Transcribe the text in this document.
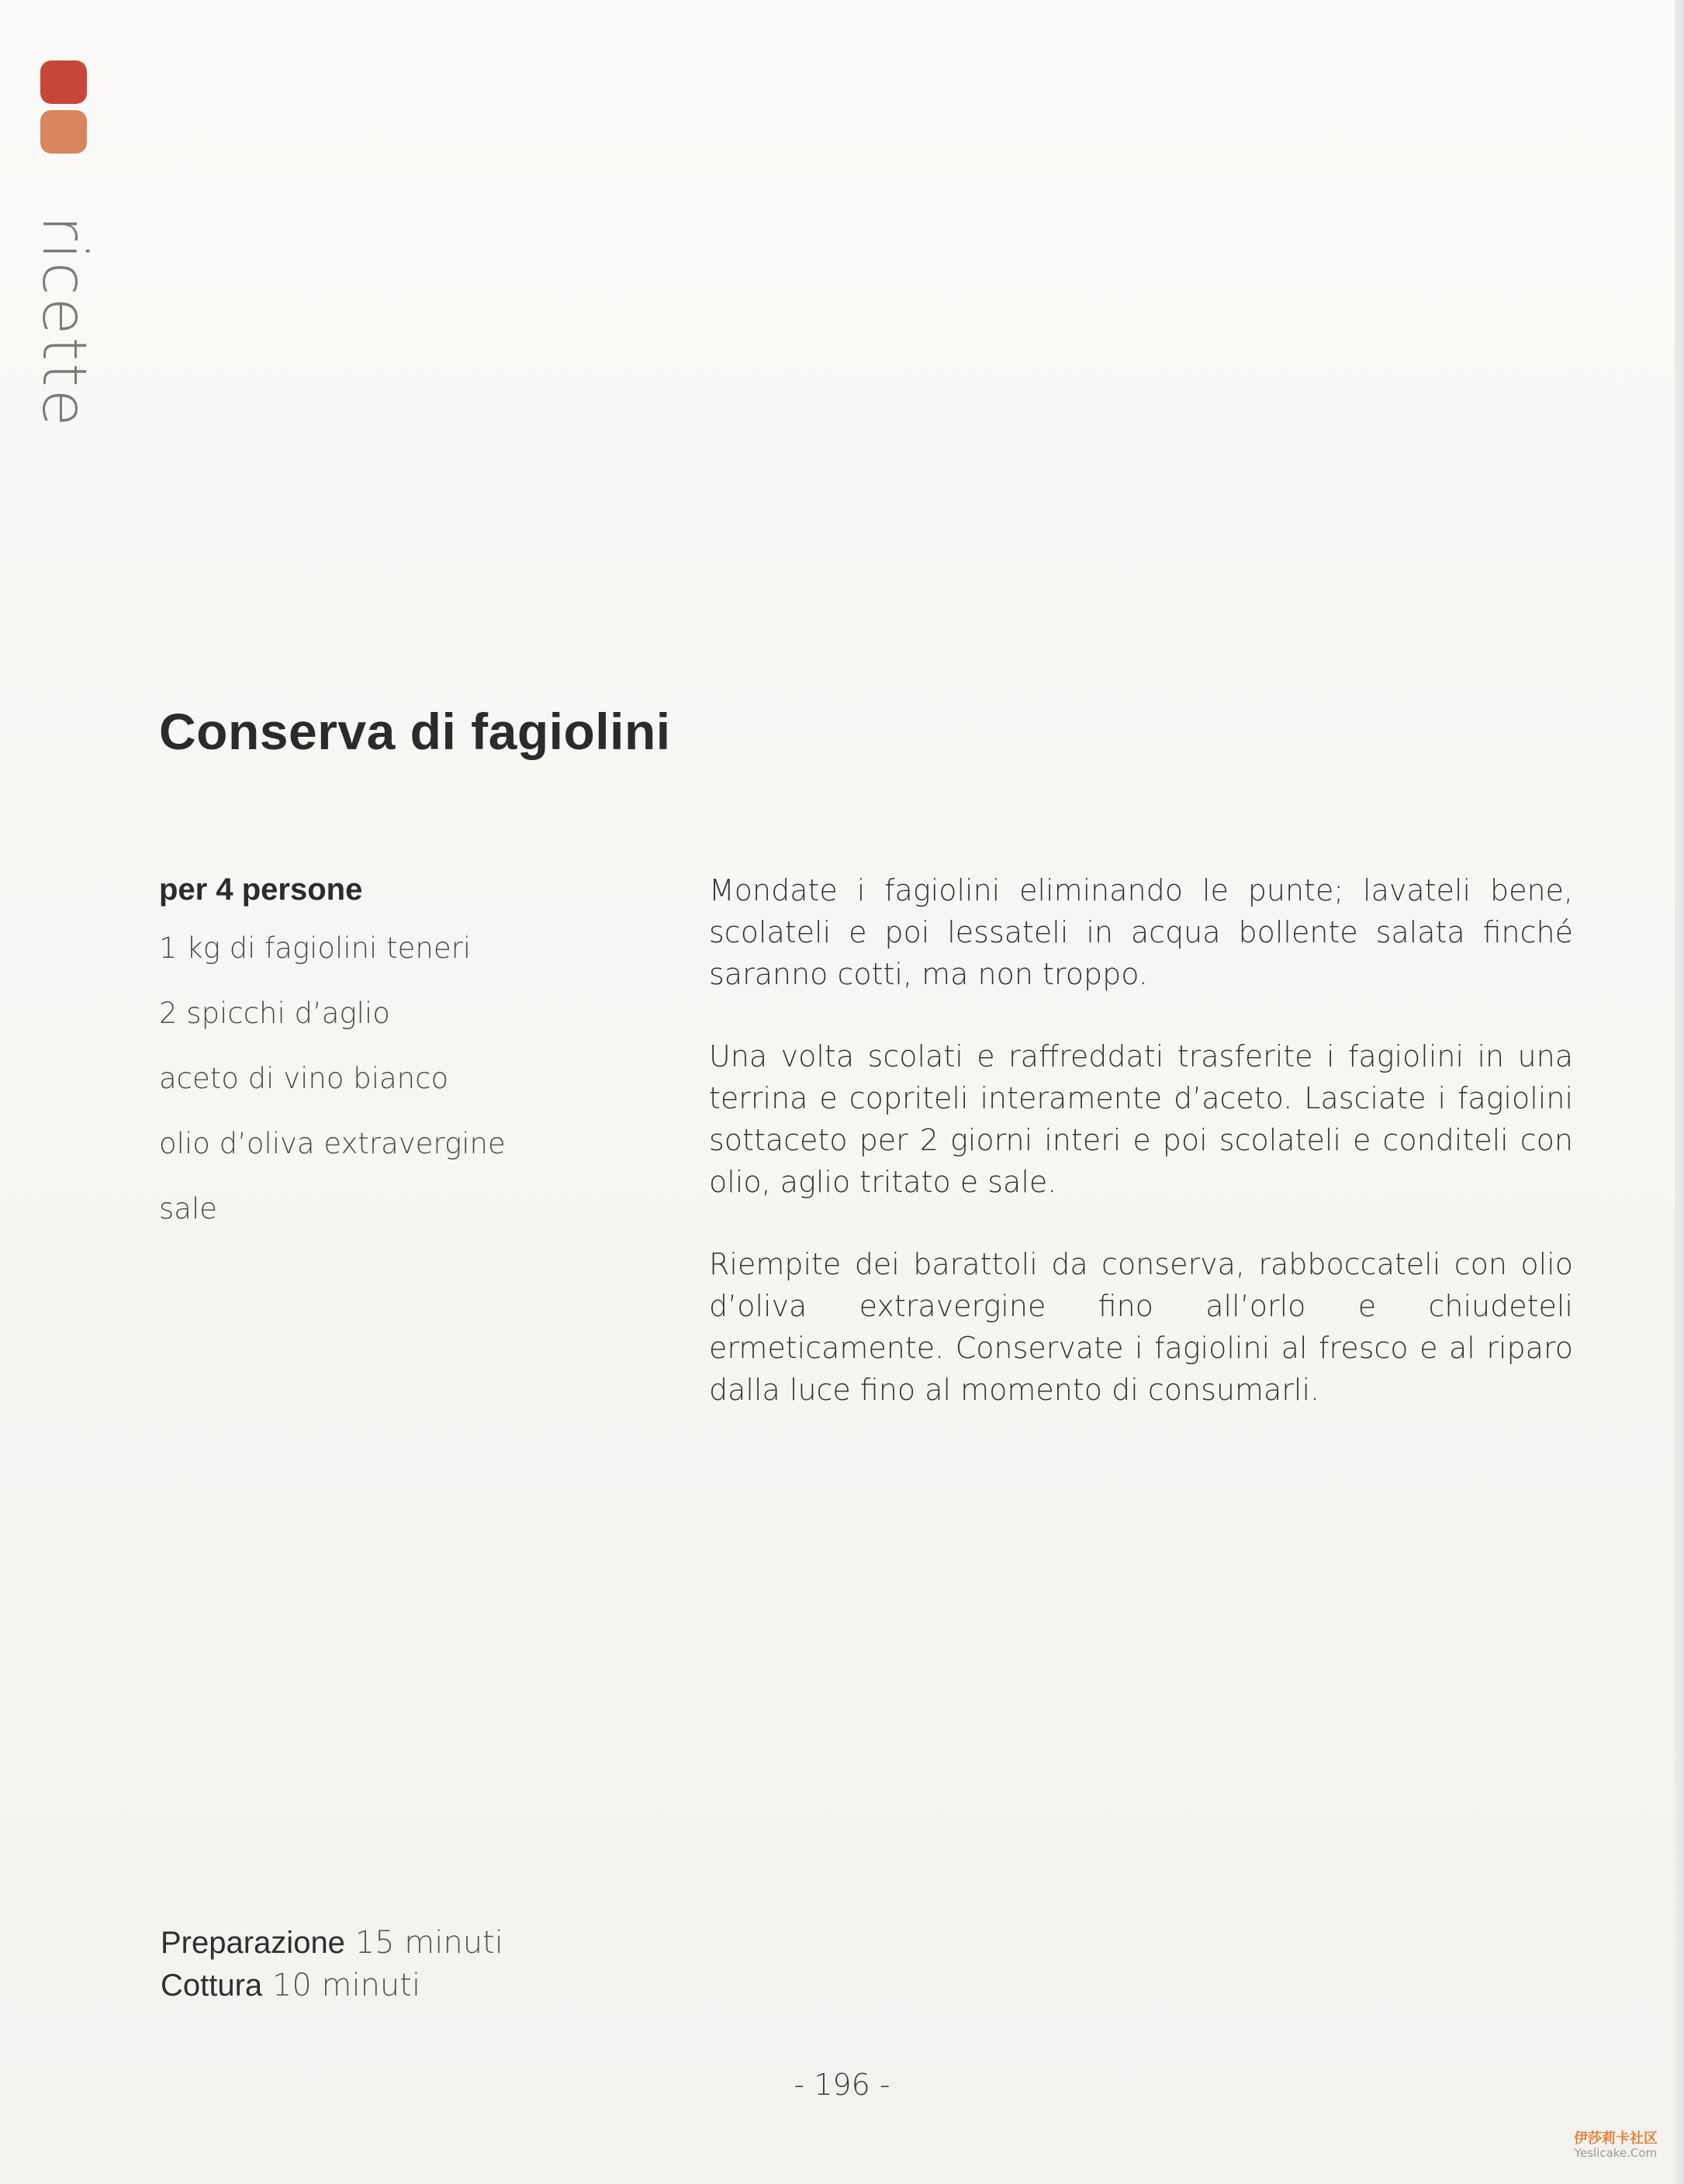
ricette
Conserva di fagiolini
per 4 persone
1 kg di fagiolini teneri
2 spicchi d’aglio
aceto di vino bianco
olio d’oliva extravergine
sale

Mondate i fagiolini eliminando le punte; lavateli bene, scolateli e poi lessateli in acqua bollente salata finché saranno cotti, ma non troppo.

Una volta scolati e raffreddati trasferite i fagiolini in una terrina e copriteli interamente d’aceto. Lasciate i fagiolini sottaceto per 2 giorni interi e poi scolateli e conditeli con olio, aglio tritato e sale.

Riempite dei barattoli da conserva, rabboccateli con olio d’oliva extravergine fino all’orlo e chiudeteli ermeticamente. Conservate i fagiolini al fresco e al riparo dalla luce fino al momento di consumarli.

Preparazione 15 minuti
Cottura 10 minuti
- 196 -
伊莎莉卡社区
Yeslicake.Com
